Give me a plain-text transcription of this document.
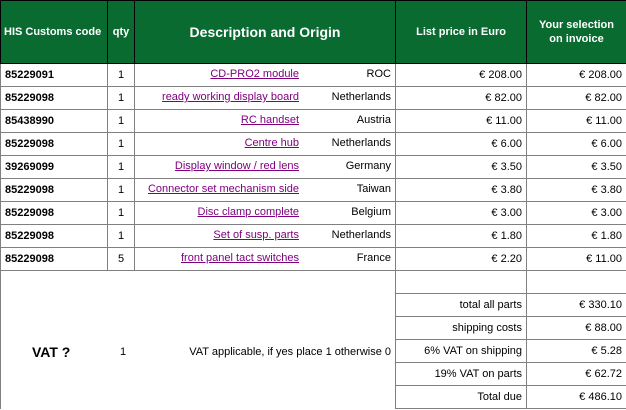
HIS Customs code	qty	Description and Origin	List price in Euro	Your selection on invoice
85229091	1	CD-PRO2 module ROC	€ 208.00	€ 208.00
85229098	1	ready working display board Netherlands	€ 82.00	€ 82.00
85438990	1	RC handset Austria	€ 11.00	€ 11.00
85229098	1	Centre hub Netherlands	€ 6.00	€ 6.00
39269099	1	Display window / red lens Germany	€ 3.50	€ 3.50
85229098	1	Connector set mechanism side Taiwan	€ 3.80	€ 3.80
85229098	1	Disc clamp complete Belgium	€ 3.00	€ 3.00
85229098	1	Set of susp. parts Netherlands	€ 1.80	€ 1.80
85229098	5	front panel tact switches France	€ 2.20	€ 11.00

			total all parts	€ 330.10
			shipping costs	€ 88.00
			6% VAT on shipping	€ 5.28
			19% VAT on parts	€ 62.72
			Total due	€ 486.10
VAT ?	1	VAT applicable, if yes place 1 otherwise 0
